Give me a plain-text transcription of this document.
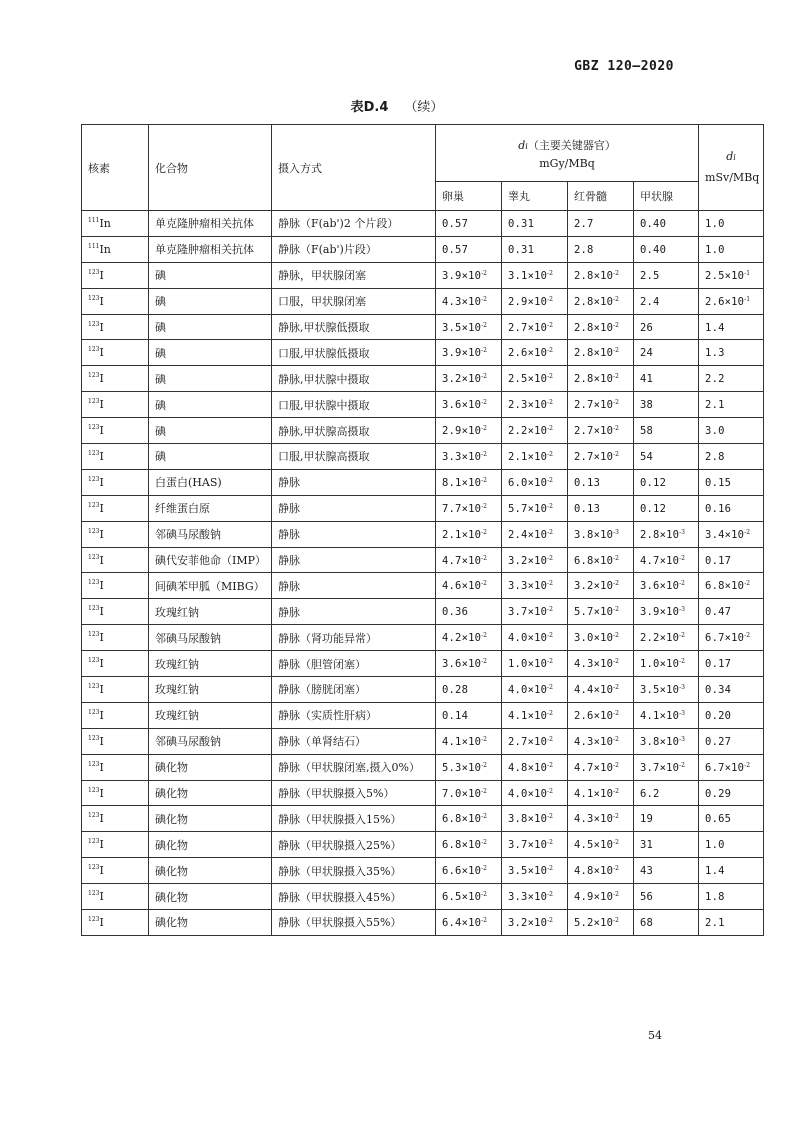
GBZ 120—2020
表D.4 （续）
核素	化合物	摄入方式	di（主要关键器官）
mGy/MBq				di
mSv/MBq
			卵巢	睾丸	红骨髓	甲状腺	
$^{111}$In	单克隆肿瘤相关抗体	静脉（F(ab')2 个片段）	0.57	0.31	2.7	0.40	1.0
$^{111}$In	单克隆肿瘤相关抗体	静脉（F(ab')片段）	0.57	0.31	2.8	0.40	1.0
$^{123}$I	碘	静脉，甲状腺闭塞	$3.9\times 10^{-2}$	$3.1\times 10^{-2}$	$2.8\times 10^{-2}$	2.5	$2.5\times 10^{-1}$
$^{123}$I	碘	口服，甲状腺闭塞	$4.3\times 10^{-2}$	$2.9\times 10^{-2}$	$2.8\times 10^{-2}$	2.4	$2.6\times 10^{-1}$
$^{123}$I	碘	静脉,甲状腺低摄取	$3.5\times 10^{-2}$	$2.7\times 10^{-2}$	$2.8\times 10^{-2}$	26	1.4
$^{123}$I	碘	口服,甲状腺低摄取	$3.9\times 10^{-2}$	$2.6\times 10^{-2}$	$2.8\times 10^{-2}$	24	1.3
$^{123}$I	碘	静脉,甲状腺中摄取	$3.2\times 10^{-2}$	$2.5\times 10^{-2}$	$2.8\times 10^{-2}$	41	2.2
$^{123}$I	碘	口服,甲状腺中摄取	$3.6\times 10^{-2}$	$2.3\times 10^{-2}$	$2.7\times 10^{-2}$	38	2.1
$^{123}$I	碘	静脉,甲状腺高摄取	$2.9\times 10^{-2}$	$2.2\times 10^{-2}$	$2.7\times 10^{-2}$	58	3.0
$^{123}$I	碘	口服,甲状腺高摄取	$3.3\times 10^{-2}$	$2.1\times 10^{-2}$	$2.7\times 10^{-2}$	54	2.8
$^{123}$I	白蛋白(HAS)	静脉	$8.1\times 10^{-2}$	$6.0\times 10^{-2}$	0.13	0.12	0.15
$^{123}$I	纤维蛋白原	静脉	$7.7\times 10^{-2}$	$5.7\times 10^{-2}$	0.13	0.12	0.16
$^{123}$I	邻碘马尿酸钠	静脉	$2.1\times 10^{-2}$	$2.4\times 10^{-2}$	$3.8\times 10^{-3}$	$2.8\times 10^{-3}$	$3.4\times 10^{-2}$
$^{123}$I	碘代安菲他命（IMP）	静脉	$4.7\times 10^{-2}$	$3.2\times 10^{-2}$	$6.8\times 10^{-2}$	$4.7\times 10^{-2}$	0.17
$^{123}$I	间碘苯甲胍（MIBG）	静脉	$4.6\times 10^{-2}$	$3.3\times 10^{-2}$	$3.2\times 10^{-2}$	$3.6\times 10^{-2}$	$6.8\times 10^{-2}$
$^{123}$I	玫瑰红钠	静脉	0.36	$3.7\times 10^{-2}$	$5.7\times 10^{-2}$	$3.9\times 10^{-3}$	0.47
$^{123}$I	邻碘马尿酸钠	静脉（肾功能异常）	$4.2\times 10^{-2}$	$4.0\times 10^{-2}$	$3.0\times 10^{-2}$	$2.2\times 10^{-2}$	$6.7\times 10^{-2}$
$^{123}$I	玫瑰红钠	静脉（胆管闭塞）	$3.6\times 10^{-2}$	$1.0\times 10^{-2}$	$4.3\times 10^{-2}$	$1.0\times 10^{-2}$	0.17
$^{123}$I	玫瑰红钠	静脉（膀胱闭塞）	0.28	$4.0\times 10^{-2}$	$4.4\times 10^{-2}$	$3.5\times 10^{-3}$	0.34
$^{123}$I	玫瑰红钠	静脉（实质性肝病）	0.14	$4.1\times 10^{-2}$	$2.6\times 10^{-2}$	$4.1\times 10^{-3}$	0.20
$^{123}$I	邻碘马尿酸钠	静脉（单肾结石）	$4.1\times 10^{-2}$	$2.7\times 10^{-2}$	$4.3\times 10^{-2}$	$3.8\times 10^{-3}$	0.27
$^{123}$I	碘化物	静脉（甲状腺闭塞,摄入0%）	$5.3\times 10^{-2}$	$4.8\times 10^{-2}$	$4.7\times 10^{-2}$	$3.7\times 10^{-2}$	$6.7\times 10^{-2}$
$^{123}$I	碘化物	静脉（甲状腺摄入5%）	$7.0\times 10^{-2}$	$4.0\times 10^{-2}$	$4.1\times 10^{-2}$	6.2	0.29
$^{123}$I	碘化物	静脉（甲状腺摄入15%）	$6.8\times 10^{-2}$	$3.8\times 10^{-2}$	$4.3\times 10^{-2}$	19	0.65
$^{123}$I	碘化物	静脉（甲状腺摄入25%）	$6.8\times 10^{-2}$	$3.7\times 10^{-2}$	$4.5\times 10^{-2}$	31	1.0
$^{123}$I	碘化物	静脉（甲状腺摄入35%）	$6.6\times 10^{-2}$	$3.5\times 10^{-2}$	$4.8\times 10^{-2}$	43	1.4
$^{123}$I	碘化物	静脉（甲状腺摄入45%）	$6.5\times 10^{-2}$	$3.3\times 10^{-2}$	$4.9\times 10^{-2}$	56	1.8
$^{123}$I	碘化物	静脉（甲状腺摄入55%）	$6.4\times 10^{-2}$	$3.2\times 10^{-2}$	$5.2\times 10^{-2}$	68	2.1
54
